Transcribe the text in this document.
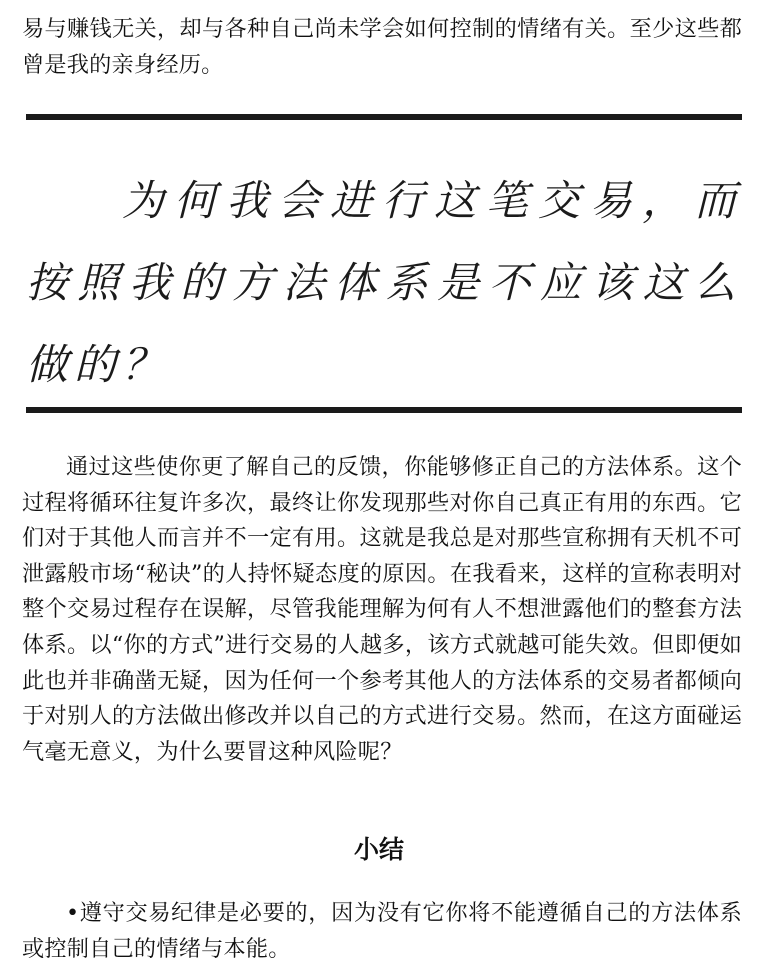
易与赚钱无关，却与各种自己尚未学会如何控制的情绪有关。至少这些都曾是我的亲身经历。

为何我会进行这笔交易，而按照我的方法体系是不应该这么做的？

通过这些使你更了解自己的反馈，你能够修正自己的方法体系。这个过程将循环往复许多次，最终让你发现那些对你自己真正有用的东西。它们对于其他人而言并不一定有用。这就是我总是对那些宣称拥有天机不可泄露般市场“秘诀”的人持怀疑态度的原因。在我看来，这样的宣称表明对整个交易过程存在误解，尽管我能理解为何有人不想泄露他们的整套方法体系。以“你的方式”进行交易的人越多，该方式就越可能失效。但即便如此也并非确凿无疑，因为任何一个参考其他人的方法体系的交易者都倾向于对别人的方法做出修改并以自己的方式进行交易。然而，在这方面碰运气毫无意义，为什么要冒这种风险呢？

小结

•遵守交易纪律是必要的，因为没有它你将不能遵循自己的方法体系或控制自己的情绪与本能。
